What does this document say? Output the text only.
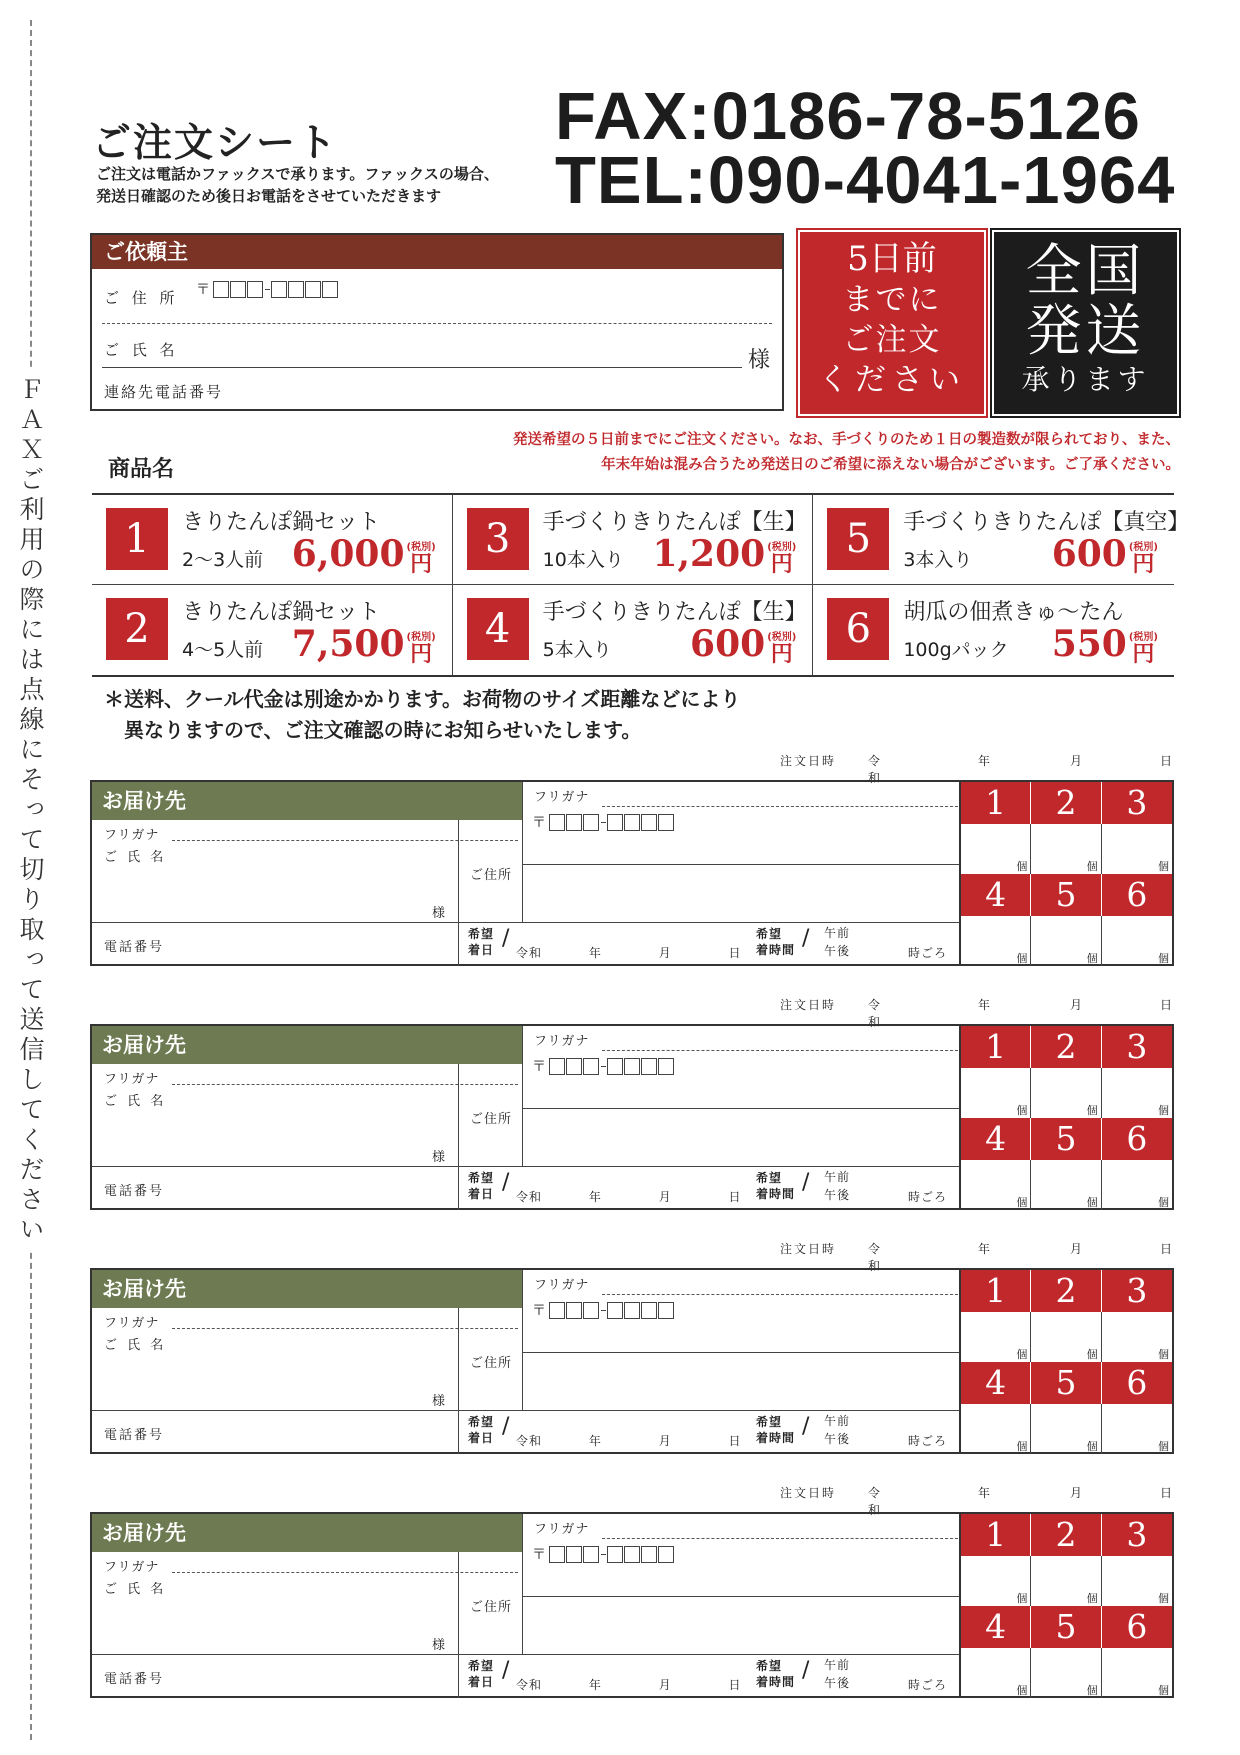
ＦＡＸご利用の際には点線にそって切り取って送信してください
ご注文シート
ご注文は電話かファックスで承ります。ファックスの場合、
発送日確認のため後日お電話をさせていただきます
FAX:0186-78-5126
TEL:090-4041-1964
ご依頼主
ご 住 所 〒
ご 氏 名	様
連絡先電話番号
5日前
までに
ご注文
ください
全国
発送
承ります
発送希望の５日前までにご注文ください。なお、手づくりのため１日の製造数が限られており、また、
年末年始は混み合うため発送日のご希望に添えない場合がございます。ご了承ください。
商品名
1	きりたんぽ鍋セット
2〜3人前 6,000 (税別)
円
3	手づくりきりたんぽ【生】
10本入り 1,200 (税別)
円
5	手づくりきりたんぽ【真空】
3本入り 600 (税別)
円
2	きりたんぽ鍋セット
4〜5人前 7,500 (税別)
円
4	手づくりきりたんぽ【生】
5本入り 600 (税別)
円
6	胡瓜の佃煮きゅ〜たん
100gパック 550 (税別)
円
＊送料、クール代金は別途かかります。お荷物のサイズ距離などにより
異なりますので、ご注文確認の時にお知らせいたします。
注文日時	令和
年	月	日
お届け先
フリガナ
ご 氏 名
様
電話番号
ご住所
フリガナ
〒
希望
着日 /
令和	年	月	日
希望
着時間 / 午前
午後	時ごろ
1	2	3
個	個	個
4	5	6
個	個	個
注文日時	令和
年	月	日
お届け先
フリガナ
ご 氏 名
様
電話番号
ご住所
フリガナ
〒
希望
着日 /
令和	年	月	日
希望
着時間 / 午前
午後	時ごろ
1	2	3
個	個	個
4	5	6
個	個	個
注文日時	令和
年	月	日
お届け先
フリガナ
ご 氏 名
様
電話番号
ご住所
フリガナ
〒
希望
着日 /
令和	年	月	日
希望
着時間 / 午前
午後	時ごろ
1	2	3
個	個	個
4	5	6
個	個	個
注文日時	令和
年	月	日
お届け先
フリガナ
ご 氏 名
様
電話番号
ご住所
フリガナ
〒
希望
着日 /
令和	年	月	日
希望
着時間 / 午前
午後	時ごろ
1	2	3
個	個	個
4	5	6
個	個	個
